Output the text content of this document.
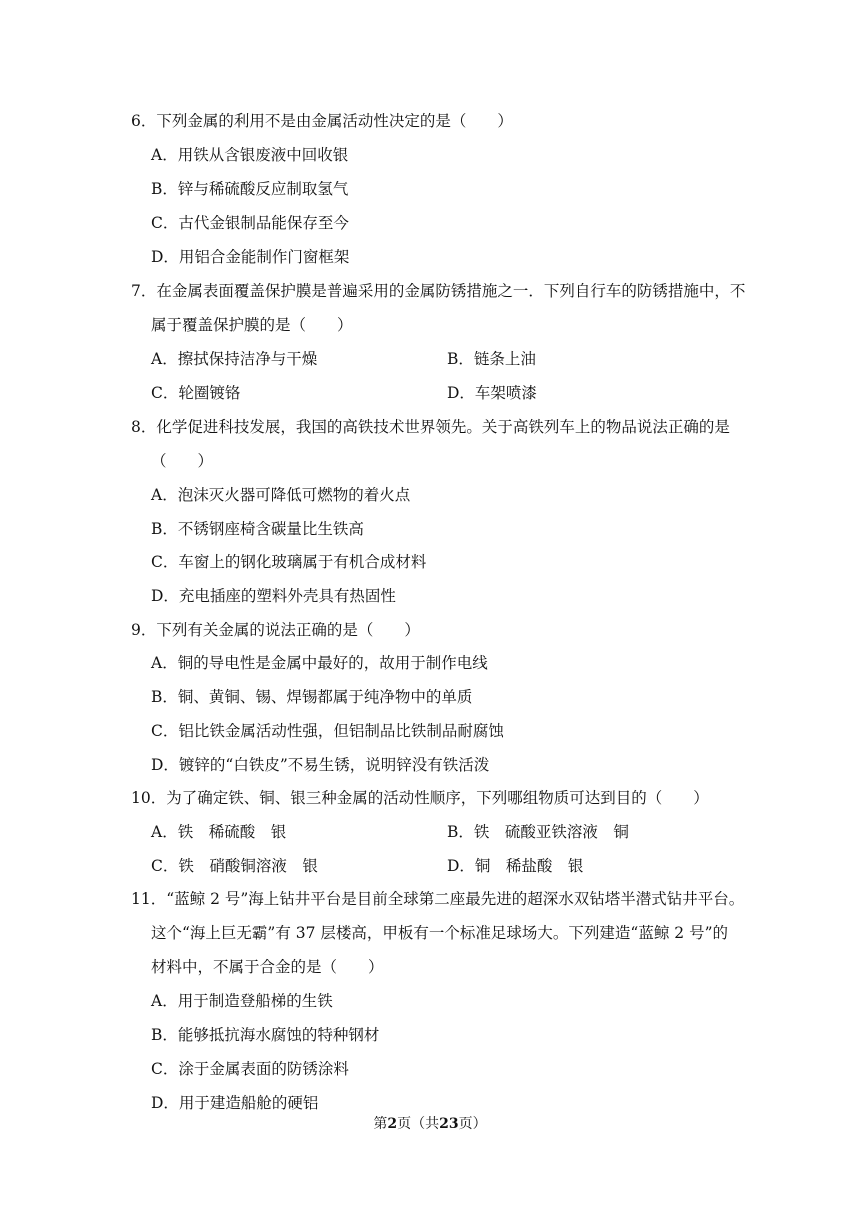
6．下列金属的利用不是由金属活动性决定的是（　　）
A．用铁从含银废液中回收银
B．锌与稀硫酸反应制取氢气
C．古代金银制品能保存至今
D．用铝合金能制作门窗框架
7．在金属表面覆盖保护膜是普遍采用的金属防锈措施之一．下列自行车的防锈措施中，不
属于覆盖保护膜的是（　　）
A．擦拭保持洁净与干燥	B．链条上油
C．轮圈镀铬	D．车架喷漆
8．化学促进科技发展，我国的高铁技术世界领先。关于高铁列车上的物品说法正确的是
（　　）
A．泡沫灭火器可降低可燃物的着火点
B．不锈钢座椅含碳量比生铁高
C．车窗上的钢化玻璃属于有机合成材料
D．充电插座的塑料外壳具有热固性
9．下列有关金属的说法正确的是（　　）
A．铜的导电性是金属中最好的，故用于制作电线
B．铜、黄铜、锡、焊锡都属于纯净物中的单质
C．铝比铁金属活动性强，但铝制品比铁制品耐腐蚀
D．镀锌的“白铁皮”不易生锈，说明锌没有铁活泼
10．为了确定铁、铜、银三种金属的活动性顺序，下列哪组物质可达到目的（　　）
A．铁　稀硫酸　银	B．铁　硫酸亚铁溶液　铜
C．铁　硝酸铜溶液　银	D．铜　稀盐酸　银
11．“蓝鲸 2 号”海上钻井平台是目前全球第二座最先进的超深水双钻塔半潜式钻井平台。
这个“海上巨无霸”有 37 层楼高，甲板有一个标准足球场大。下列建造“蓝鲸 2 号”的
材料中，不属于合金的是（　　）
A．用于制造登船梯的生铁
B．能够抵抗海水腐蚀的特种钢材
C．涂于金属表面的防锈涂料
D．用于建造船舱的硬铝
第2页（共23页）
